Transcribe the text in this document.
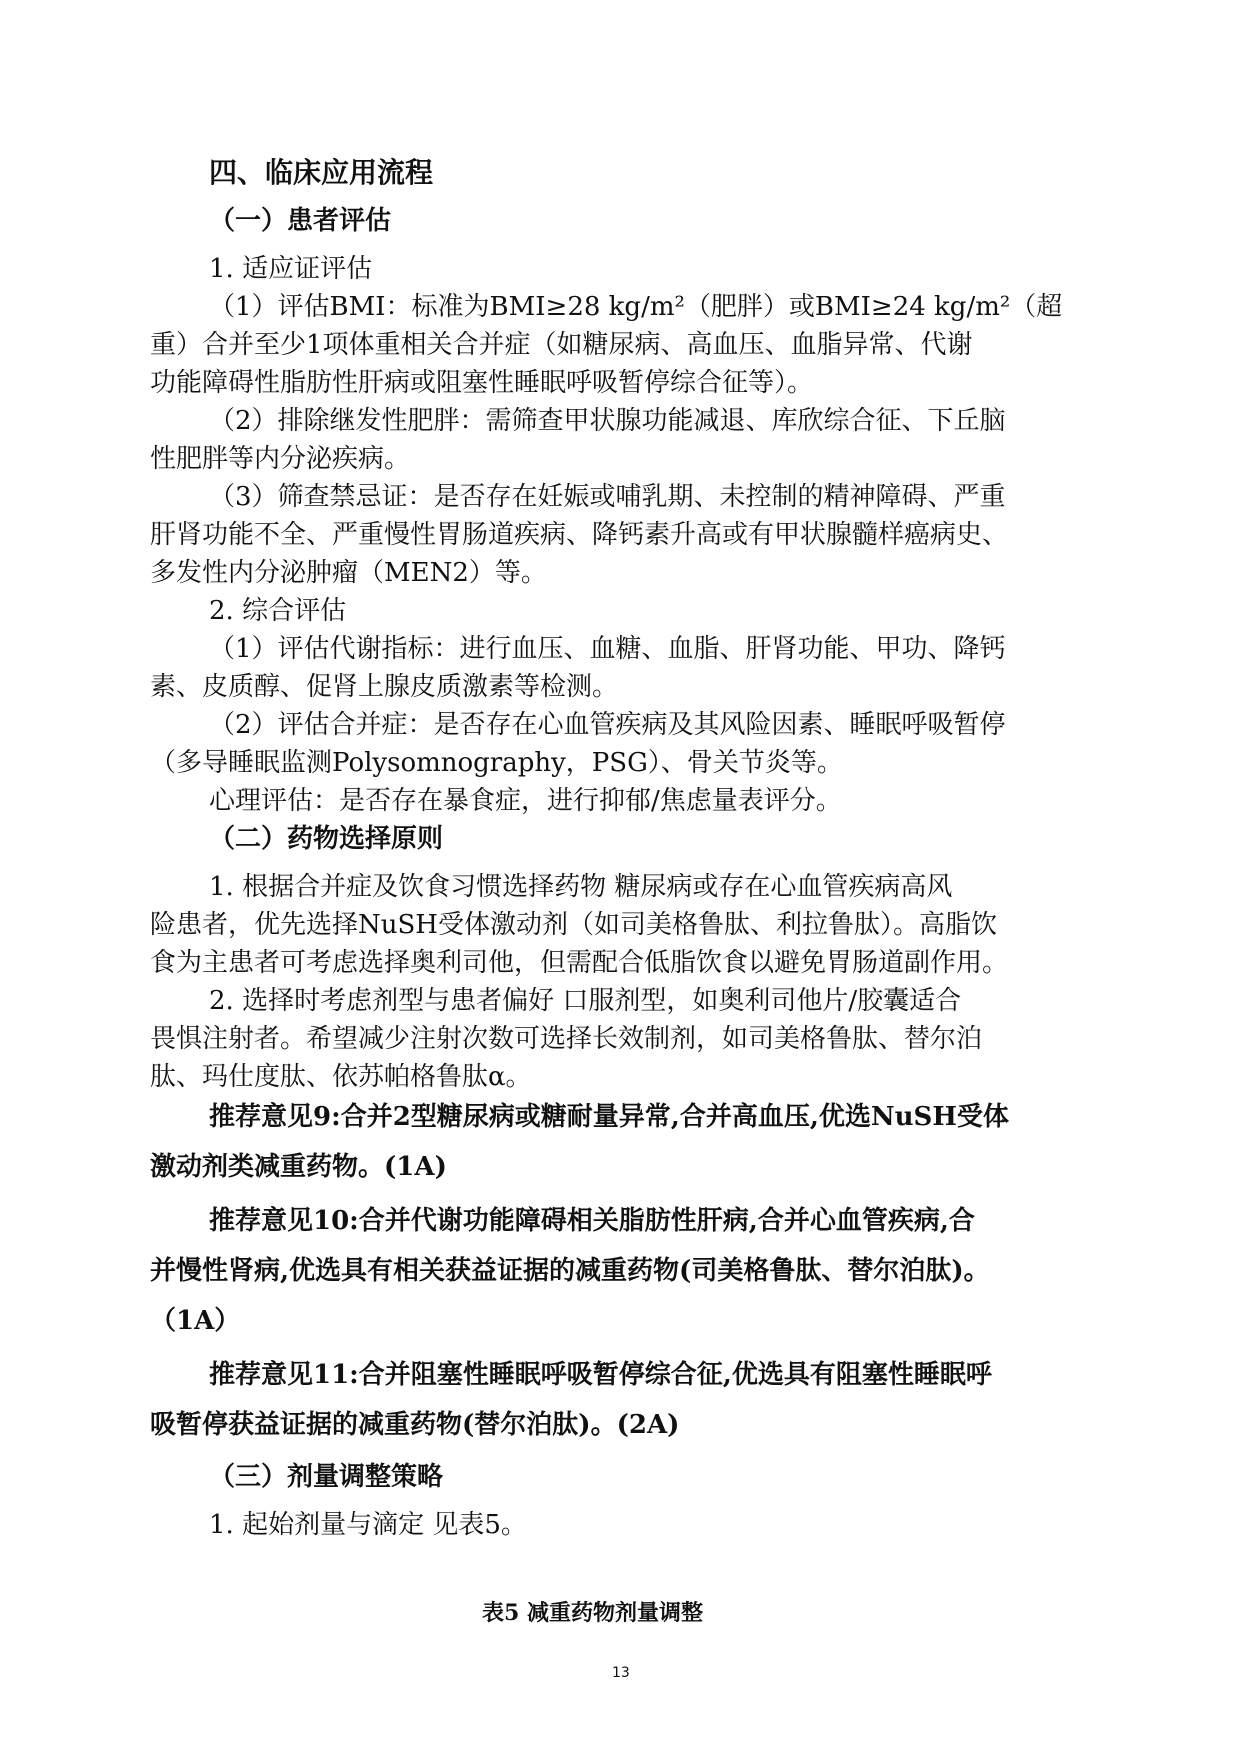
四、临床应用流程
（一）患者评估
1. 适应证评估
（1）评估BMI：标准为BMI≥28 kg/m²（肥胖）或BMI≥24 kg/m²（超
重）合并至少1项体重相关合并症（如糖尿病、高血压、血脂异常、代谢
功能障碍性脂肪性肝病或阻塞性睡眠呼吸暂停综合征等）。
（2）排除继发性肥胖：需筛查甲状腺功能减退、库欣综合征、下丘脑
性肥胖等内分泌疾病。
（3）筛查禁忌证：是否存在妊娠或哺乳期、未控制的精神障碍、严重
肝肾功能不全、严重慢性胃肠道疾病、降钙素升高或有甲状腺髓样癌病史、
多发性内分泌肿瘤（MEN2）等。
2. 综合评估
（1）评估代谢指标：进行血压、血糖、血脂、肝肾功能、甲功、降钙
素、皮质醇、促肾上腺皮质激素等检测。
（2）评估合并症：是否存在心血管疾病及其风险因素、睡眠呼吸暂停
（多导睡眠监测Polysomnography，PSG）、骨关节炎等。
心理评估：是否存在暴食症，进行抑郁/焦虑量表评分。
（二）药物选择原则
1. 根据合并症及饮食习惯选择药物 糖尿病或存在心血管疾病高风
险患者，优先选择NuSH受体激动剂（如司美格鲁肽、利拉鲁肽）。高脂饮
食为主患者可考虑选择奥利司他，但需配合低脂饮食以避免胃肠道副作用。
2. 选择时考虑剂型与患者偏好 口服剂型，如奥利司他片/胶囊适合
畏惧注射者。希望减少注射次数可选择长效制剂，如司美格鲁肽、替尔泊
肽、玛仕度肽、依苏帕格鲁肽α。
推荐意见9:合并2型糖尿病或糖耐量异常,合并高血压,优选NuSH受体
激动剂类减重药物。(1A)
推荐意见10:合并代谢功能障碍相关脂肪性肝病,合并心血管疾病,合
并慢性肾病,优选具有相关获益证据的减重药物(司美格鲁肽、替尔泊肽)。
（1A）
推荐意见11:合并阻塞性睡眠呼吸暂停综合征,优选具有阻塞性睡眠呼
吸暂停获益证据的减重药物(替尔泊肽)。(2A)
（三）剂量调整策略
1. 起始剂量与滴定 见表5。
表5 减重药物剂量调整
13
